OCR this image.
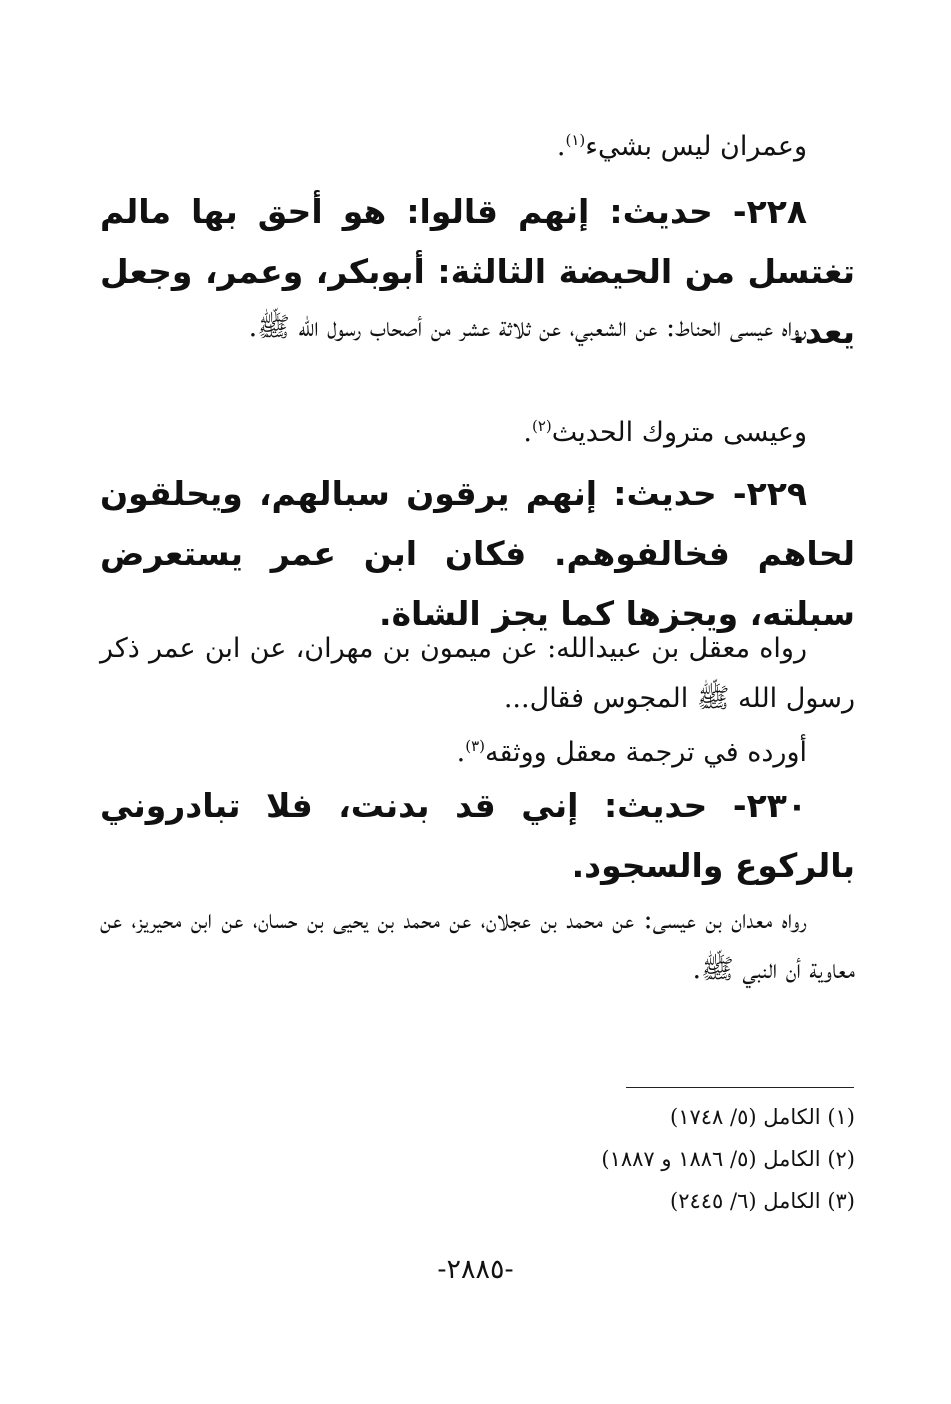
وعمران ليس بشيء$^{(١)}$.

٢٢٨- حديث: إنهم قالوا: هو أحق بها مالم تغتسل من الحيضة الثالثة: أبوبكر، وعمر، وجعل يعد.

رواه عيسى الحناط: عن الشعبي، عن ثلاثة عشر من أصحاب رسول الله ﷺ.

وعيسى متروك الحديث$^{(٢)}$.

٢٢٩- حديث: إنهم يرقون سبالهم، ويحلقون لحاهم فخالفوهم. فكان ابن عمر يستعرض سبلته، ويجزها كما يجز الشاة.

رواه معقل بن عبيدالله: عن ميمون بن مهران، عن ابن عمر ذكر رسول الله ﷺ المجوس فقال...

أورده في ترجمة معقل ووثقه$^{(٣)}$.

٢٣٠- حديث: إني قد بدنت، فلا تبادروني بالركوع والسجود.

رواه معدان بن عيسى: عن محمد بن عجلان، عن محمد بن يحيى بن حسان، عن ابن محيريز، عن معاوية أن النبي ﷺ.

(١) الكامل (٥/ ١٧٤٨)
(٢) الكامل (٥/ ١٨٨٦ و ١٨٨٧)
(٣) الكامل (٦/ ٢٤٤٥)
-٢٨٨٥-
